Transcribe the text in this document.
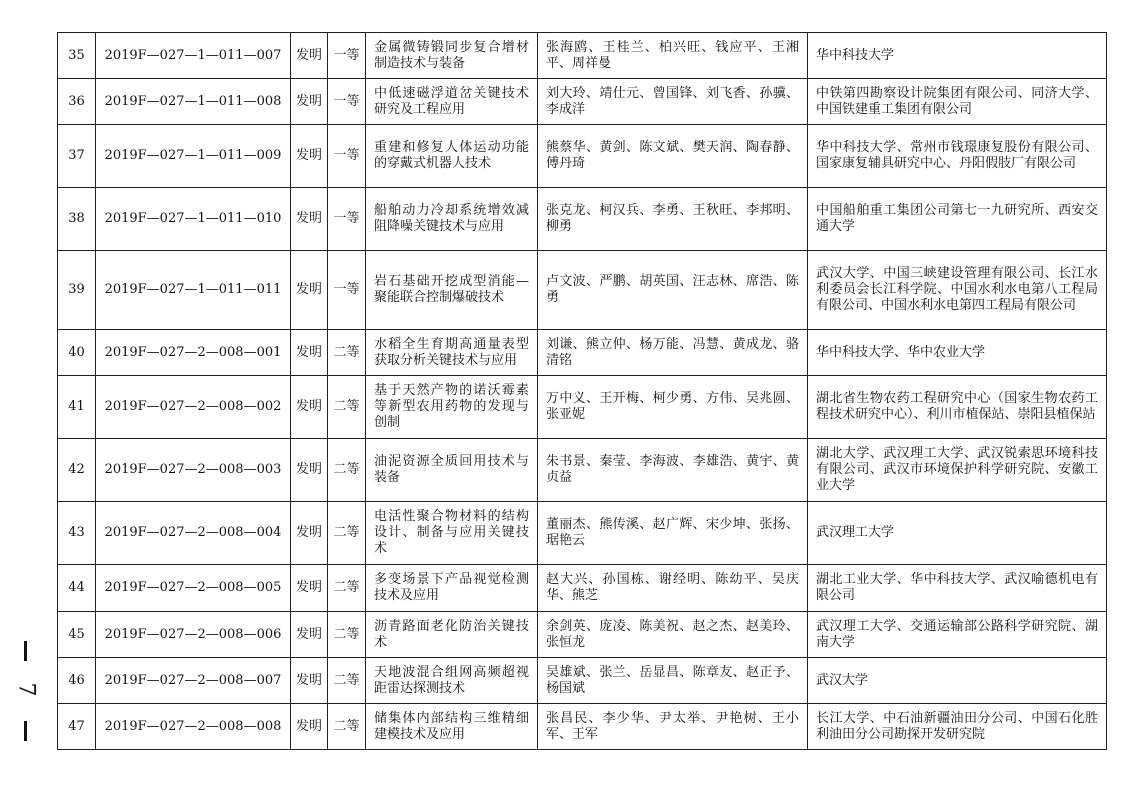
35	2019F—027—1—011—007	发明	一等	金属微铸锻同步复合增材制造技术与装备	张海鸥、王桂兰、柏兴旺、钱应平、王湘平、周祥曼	华中科技大学
36	2019F—027—1—011—008	发明	一等	中低速磁浮道岔关键技术研究及工程应用	刘大玲、靖仕元、曾国锋、刘飞香、孙骥、李成洋	中铁第四勘察设计院集团有限公司、同济大学、中国铁建重工集团有限公司
37	2019F—027—1—011—009	发明	一等	重建和修复人体运动功能的穿戴式机器人技术	熊蔡华、黄剑、陈文斌、樊天润、陶春静、傅丹琦	华中科技大学、常州市钱璟康复股份有限公司、国家康复辅具研究中心、丹阳假肢厂有限公司
38	2019F—027—1—011—010	发明	一等	船舶动力冷却系统增效减阻降噪关键技术与应用	张克龙、柯汉兵、李勇、王秋旺、李邦明、柳勇	中国船舶重工集团公司第七一九研究所、西安交通大学
39	2019F—027—1—011—011	发明	一等	岩石基础开挖成型消能—聚能联合控制爆破技术	卢文波、严鹏、胡英国、汪志林、席浩、陈勇	武汉大学、中国三峡建设管理有限公司、长江水利委员会长江科学院、中国水利水电第八工程局有限公司、中国水利水电第四工程局有限公司
40	2019F—027—2—008—001	发明	二等	水稻全生育期高通量表型获取分析关键技术与应用	刘谦、熊立仲、杨万能、冯慧、黄成龙、骆清铭	华中科技大学、华中农业大学
41	2019F—027—2—008—002	发明	二等	基于天然产物的诺沃霉素等新型农用药物的发现与创制	万中义、王开梅、柯少勇、方伟、吴兆圆、张亚妮	湖北省生物农药工程研究中心（国家生物农药工程技术研究中心）、利川市植保站、崇阳县植保站
42	2019F—027—2—008—003	发明	二等	油泥资源全质回用技术与装备	朱书景、秦莹、李海波、李雄浩、黄宇、黄贞益	湖北大学、武汉理工大学、武汉锐索思环境科技有限公司、武汉市环境保护科学研究院、安徽工业大学
43	2019F—027—2—008—004	发明	二等	电活性聚合物材料的结构设计、制备与应用关键技术	董丽杰、熊传溪、赵广辉、宋少坤、张扬、琚艳云	武汉理工大学
44	2019F—027—2—008—005	发明	二等	多变场景下产品视觉检测技术及应用	赵大兴、孙国栋、谢经明、陈幼平、吴庆华、熊芝	湖北工业大学、华中科技大学、武汉喻德机电有限公司
45	2019F—027—2—008—006	发明	二等	沥青路面老化防治关键技术	余剑英、庞凌、陈美祝、赵之杰、赵美玲、张恒龙	武汉理工大学、交通运输部公路科学研究院、湖南大学
46	2019F—027—2—008—007	发明	二等	天地波混合组网高频超视距雷达探测技术	吴雄斌、张兰、岳显昌、陈章友、赵正予、杨国斌	武汉大学
47	2019F—027—2—008—008	发明	二等	储集体内部结构三维精细建模技术及应用	张昌民、李少华、尹太举、尹艳树、王小军、王军	长江大学、中石油新疆油田分公司、中国石化胜利油田分公司勘探开发研究院
7
